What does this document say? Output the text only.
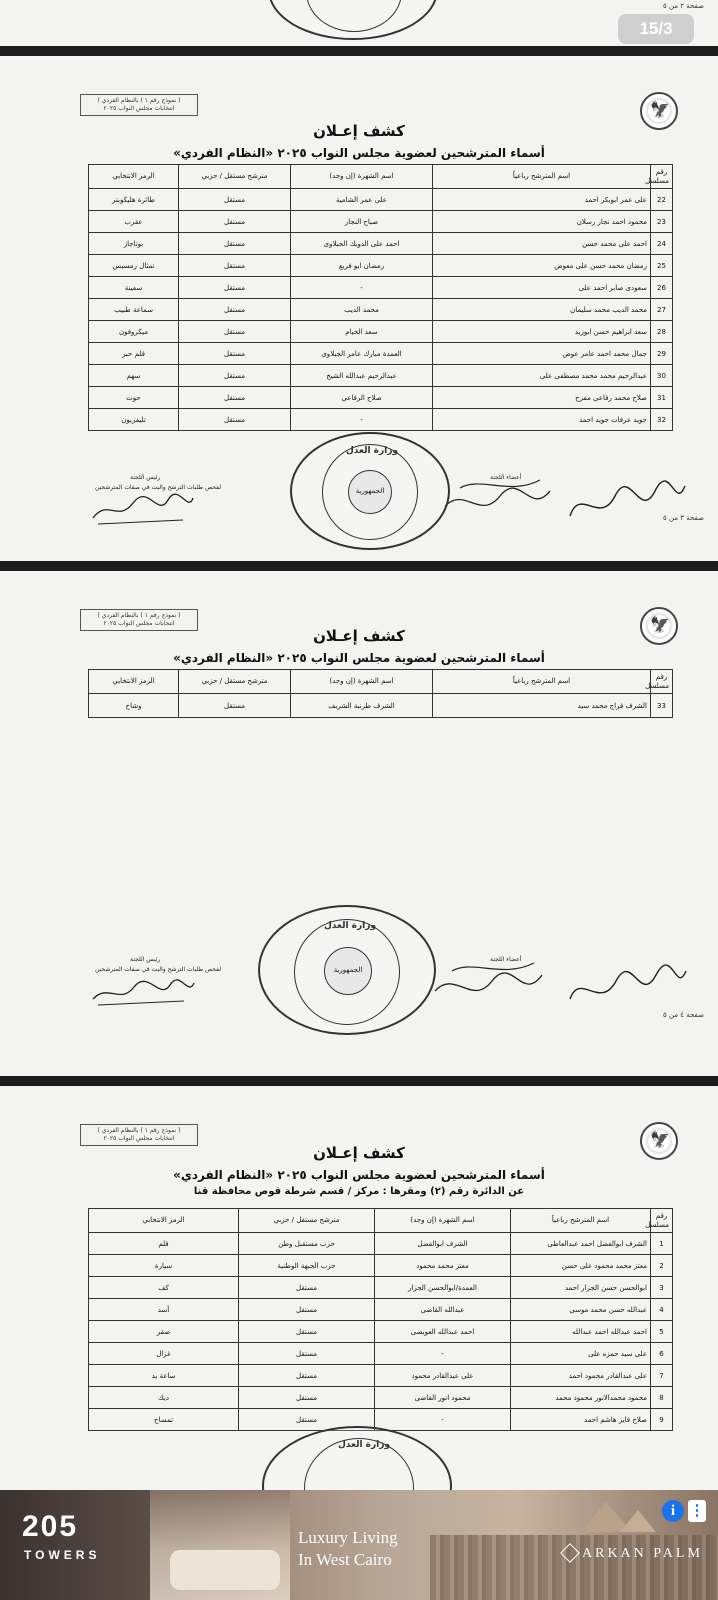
صفحة ٢ من ٥
15/3
( نموذج رقم ١ ) بالنظام الفردي )
انتخابات مجلس النواب ٢٠٢٥
🦅
كشف إعـلان
أسماء المترشحين لعضوية مجلس النواب ٢٠٢٥ «النظام الفردي»
رقم مسلسل	اسم المترشح رباعياً	اسم الشهرة (إن وجد)	مترشح مستقل / حزبي	الرمز الانتخابي
22	على عمر ابوبكر احمد	على عمر الشامية	مستقل	طائرة هليكوبتر
23	محمود احمد نجار رسلان	صباح النجار	مستقل	عقرب
24	احمد على محمد حسن	احمد على الدويك الجبلاوى	مستقل	بوتاجاز
25	رمضان محمد حسن على معوض	رمضان ابو فريع	مستقل	تمثال رمسيس
26	سعودى صابر احمد على	-	مستقل	سفينة
27	محمد الديب محمد سليمان	محمد الديب	مستقل	سماعة طبيب
28	سعد ابراهيم حسن ابوزيد	سعد الخيام	مستقل	ميكروفون
29	جمال محمد احمد عامر عوض	العمدة مبارك عامر الجبلاوى	مستقل	قلم حبر
30	عبدالرحيم محمد محمد مصطفى على	عبدالرحيم عبدالله الشيخ	مستقل	سهم
31	صلاح محمد رفاعى مفرح	صلاح الرفاعى	مستقل	حوت
32	جويد عرفات جويد احمد	-	مستقل	تليفزيون
رئيس اللجنة
لفحص طلبات الترشح والبت في صفات المترشحين
أعضاء اللجنة
وزارة العدل
الجمهورية
صفحة ٣ من ٥
( نموذج رقم ١ ) بالنظام الفردي )
انتخابات مجلس النواب ٢٠٢٥
🦅
كشف إعـلان
أسماء المترشحين لعضوية مجلس النواب ٢٠٢٥ «النظام الفردي»
رقم مسلسل	اسم المترشح رباعياً	اسم الشهرة (إن وجد)	مترشح مستقل / حزبي	الرمز الانتخابي
33	الشرف فراج محمد سيد	الشرف طرنبة الشريف	مستقل	وشاح
رئيس اللجنة
لفحص طلبات الترشح والبت في صفات المترشحين
أعضاء اللجنة
وزارة العدل
الجمهورية
صفحة ٤ من ٥
( نموذج رقم ١ ) بالنظام الفردي )
انتخابات مجلس النواب ٢٠٢٥
🦅
كشف إعـلان
أسماء المترشحين لعضوية مجلس النواب ٢٠٢٥ «النظام الفردي»
عن الدائرة رقم (٢) ومقرها : مركز / قسم شرطة قوص محافظة قنا
رقم مسلسل	اسم المترشح رباعياً	اسم الشهرة (إن وجد)	مترشح مستقل / حزبي	الرمز الانتخابي
1	الشرف ابوالفضل احمد عبدالعاطى	الشرف ابوالفضل	حزب مستقبل وطن	قلم
2	معتز محمد محمود على حسن	معتز محمد محمود	حزب الجبهة الوطنية	سيارة
3	ابوالحسن حسن الجزار احمد	العمدة/ابوالحسن الجزار	مستقل	كف
4	عبدالله حسن محمد موسى	عبدالله القاضى	مستقل	أسد
5	احمد عبدالله احمد عبدالله	احمد عبدالله العويضى	مستقل	صقر
6	على سيد حمزه على	-	مستقل	غزال
7	على عبدالقادر محمود احمد	على عبدالقادر محمود	مستقل	ساعة يد
8	محمود محمدالانور محمود محمد	محمود انور القاضى	مستقل	ديك
9	صلاح فايز هاشم احمد	-	مستقل	تمساح
وزارة العدل
205
TOWERS
Luxury Living
In West Cairo	ARKAN PALM
i ⋮
